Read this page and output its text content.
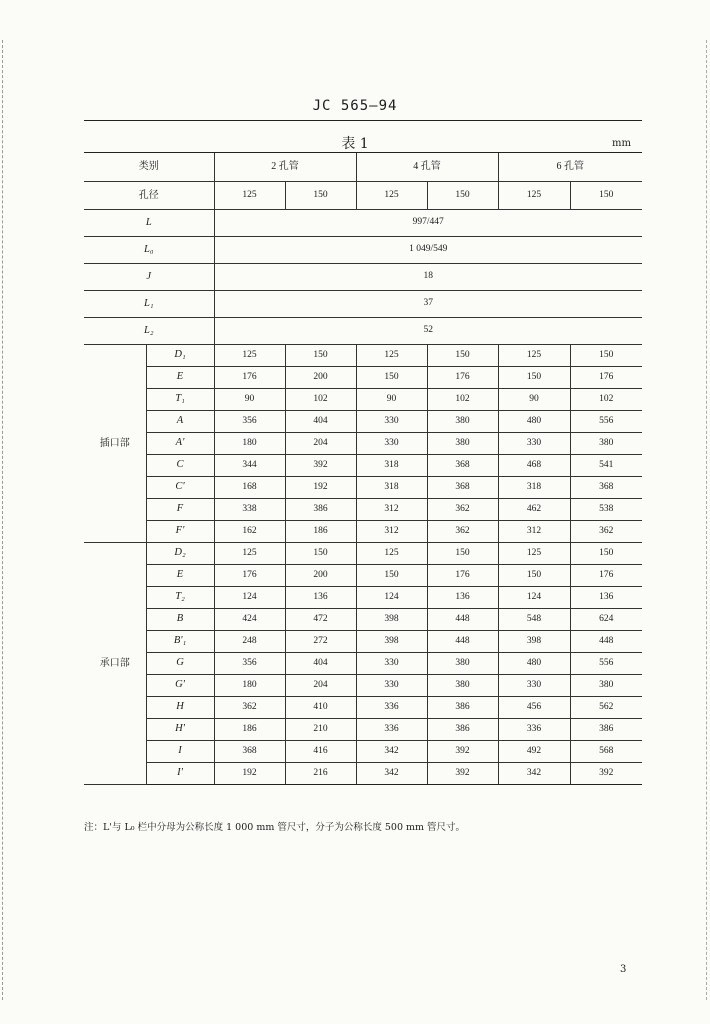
JC 565—94
表 1	mm
类别		2 孔管		4 孔管		6 孔管	
孔径		125	150	125	150	125	150
L		997/447					
L₀		1 049/549					
J		18					
L₁		37					
L₂		52					
插口部	D₁	125	150	125	150	125	150
	E	176	200	150	176	150	176
	T₁	90	102	90	102	90	102
	A	356	404	330	380	480	556
	A'	180	204	330	380	330	380
	C	344	392	318	368	468	541
	C'	168	192	318	368	318	368
	F	338	386	312	362	462	538
	F'	162	186	312	362	312	362
承口部	D₂	125	150	125	150	125	150
	E	176	200	150	176	150	176
	T₂	124	136	124	136	124	136
	B	424	472	398	448	548	624
	B'₁	248	272	398	448	398	448
	G	356	404	330	380	480	556
	G'	180	204	330	380	330	380
	H	362	410	336	386	456	562
	H'	186	210	336	386	336	386
	I	368	416	342	392	492	568
	I'	192	216	342	392	342	392
注：L'与 L₀ 栏中分母为公称长度 1 000 mm 管尺寸，分子为公称长度 500 mm 管尺寸。
3
